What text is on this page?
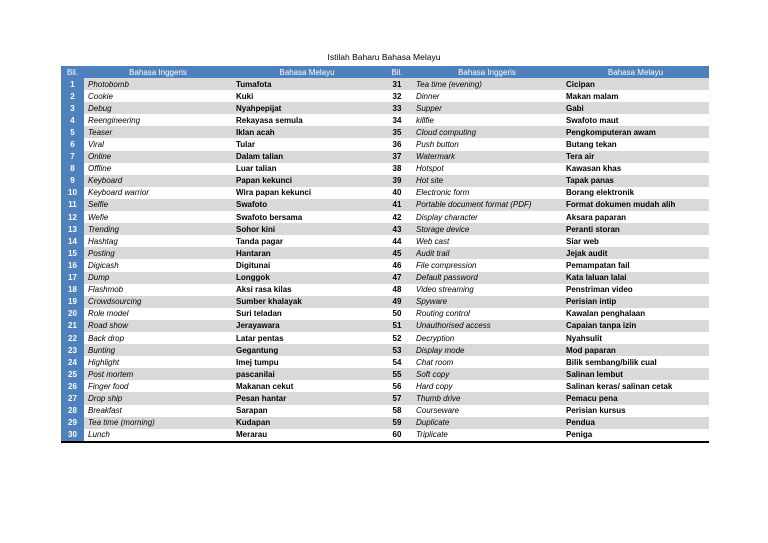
Istilah Baharu Bahasa Melayu
Bil.	Bahasa Inggeris	Bahasa Melayu	Bil.	Bahasa Inggeris	Bahasa Melayu
1	Photobomb	Tumafota	31	Tea time (evening)	Cicipan
2	Cookie	Kuki	32	Dinner	Makan malam
3	Debug	Nyahpepijat	33	Supper	Gabi
4	Reengineering	Rekayasa semula	34	killfie	Swafoto maut
5	Teaser	Iklan acah	35	Cloud computing	Pengkomputeran awam
6	Viral	Tular	36	Push button	Butang tekan
7	Online	Dalam talian	37	Watermark	Tera air
8	Offline	Luar talian	38	Hotspot	Kawasan khas
9	Keyboard	Papan kekunci	39	Hot site	Tapak panas
10	Keyboard warrior	Wira papan kekunci	40	Electronic form	Borang elektronik
11	Selfie	Swafoto	41	Portable document format (PDF)	Format dokumen mudah alih
12	Wefie	Swafoto bersama	42	Display character	Aksara paparan
13	Trending	Sohor kini	43	Storage device	Peranti storan
14	Hashtag	Tanda pagar	44	Web cast	Siar web
15	Posting	Hantaran	45	Audit trail	Jejak audit
16	Digicash	Digitunai	46	File compression	Pemampatan fail
17	Dump	Longgok	47	Default password	Kata laluan lalai
18	Flashmob	Aksi rasa kilas	48	Video streaming	Penstriman video
19	Crowdsourcing	Sumber khalayak	49	Spyware	Perisian intip
20	Role model	Suri teladan	50	Routing control	Kawalan penghalaan
21	Road show	Jerayawara	51	Unauthorised access	Capaian tanpa izin
22	Back drop	Latar pentas	52	Decryption	Nyahsulit
23	Bunting	Gegantung	53	Display mode	Mod paparan
24	Highlight	Imej tumpu	54	Chat room	Bilik sembang/bilik cual
25	Post mortem	pascanilai	55	Soft copy	Salinan lembut
26	Finger food	Makanan cekut	56	Hard copy	Salinan keras/ salinan cetak
27	Drop ship	Pesan hantar	57	Thumb drive	Pemacu pena
28	Breakfast	Sarapan	58	Courseware	Perisian kursus
29	Tea time (morning)	Kudapan	59	Duplicate	Pendua
30	Lunch	Merarau	60	Triplicate	Peniga
